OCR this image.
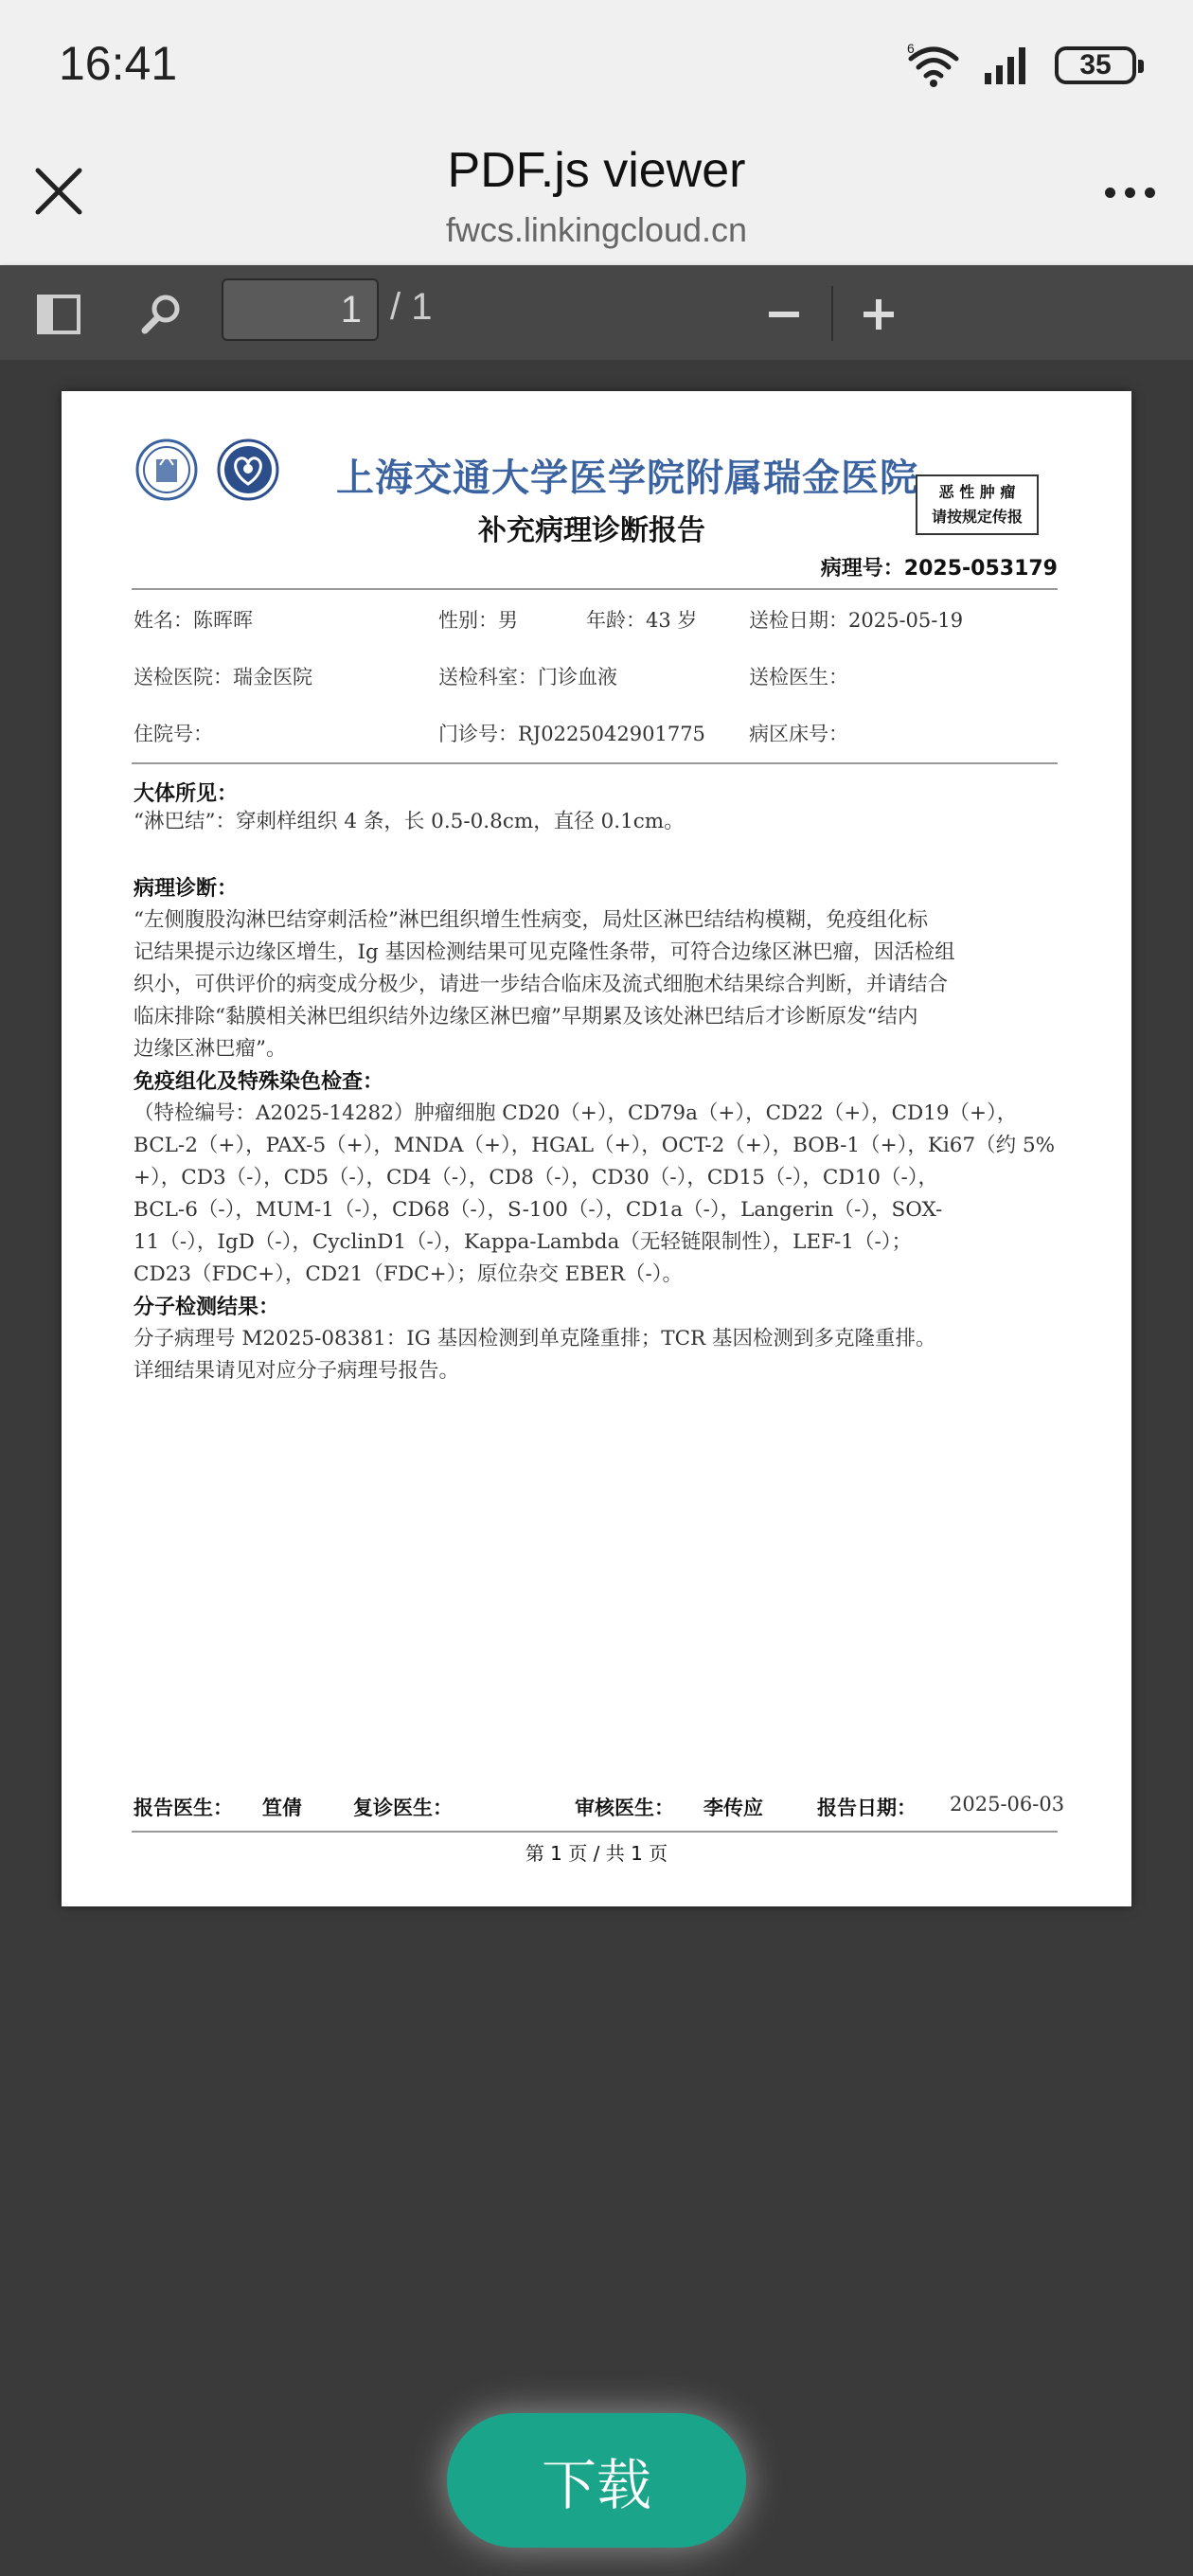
16:41	6
35
PDF.js viewer
fwcs.linkingcloud.cn
1 / 1
上海交通大学医学院附属瑞金医院
补充病理诊断报告
恶 性 肿 瘤
请按规定传报
病理号：2025-053179
姓名：陈晖晖	性别：男	年龄：43 岁	送检日期：2025-05-19
送检医院：瑞金医院	送检科室：门诊血液	送检医生：
住院号：	门诊号：RJ0225042901775 病区床号：
大体所见：
“淋巴结”：穿刺样组织 4 条，长 0.5-0.8cm，直径 0.1cm。
病理诊断：

“左侧腹股沟淋巴结穿刺活检”淋巴组织增生性病变，局灶区淋巴结结构模糊，免疫组化标

记结果提示边缘区增生，Ig 基因检测结果可见克隆性条带，可符合边缘区淋巴瘤，因活检组

织小，可供评价的病变成分极少，请进一步结合临床及流式细胞术结果综合判断，并请结合

临床排除“黏膜相关淋巴组织结外边缘区淋巴瘤”早期累及该处淋巴结后才诊断原发“结内

边缘区淋巴瘤”。

免疫组化及特殊染色检查：

（特检编号：A2025-14282）肿瘤细胞 CD20（+），CD79a（+），CD22（+），CD19（+），

BCL-2（+），PAX-5（+），MNDA（+），HGAL（+），OCT-2（+），BOB-1（+），Ki67（约 5%

+），CD3（-），CD5（-），CD4（-），CD8（-），CD30（-），CD15（-），CD10（-），

BCL-6（-），MUM-1（-），CD68（-），S-100（-），CD1a（-），Langerin（-），SOX-

11（-），IgD（-），CyclinD1（-），Kappa-Lambda（无轻链限制性），LEF-1（-）；

CD23（FDC+），CD21（FDC+）；原位杂交 EBER（-）。

分子检测结果：

分子病理号 M2025-08381：IG 基因检测到单克隆重排；TCR 基因检测到多克隆重排。

详细结果请见对应分子病理号报告。

报告医生： 笪倩	复诊医生：	审核医生： 李传应	报告日期： 2025-06-03
第 1 页 / 共 1 页
下载
